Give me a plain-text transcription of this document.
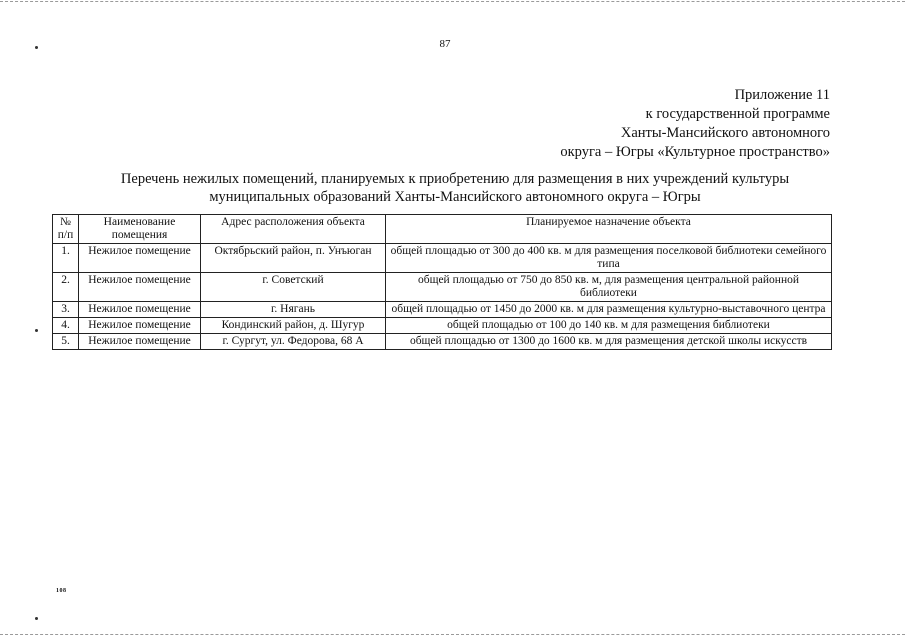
87
Приложение 11
к государственной программе
Ханты-Мансийского автономного
округа – Югры «Культурное пространство»
Перечень нежилых помещений, планируемых к приобретению для размещения в них учреждений культуры
муниципальных образований Ханты-Мансийского автономного округа – Югры
№ п/п	Наименование помещения	Адрес расположения объекта	Планируемое назначение объекта
1.	Нежилое помещение	Октябрьский район, п. Унъюган	общей площадью от 300 до 400 кв. м для размещения поселковой библиотеки семейного типа
2.	Нежилое помещение	г. Советский	общей площадью от 750 до 850 кв. м, для размещения центральной районной библиотеки
3.	Нежилое помещение	г. Нягань	общей площадью от 1450 до 2000 кв. м для размещения культурно-выставочного центра
4.	Нежилое помещение	Кондинский район, д. Шугур	общей площадью от 100 до 140 кв. м для размещения библиотеки
5.	Нежилое помещение	г. Сургут, ул. Федорова, 68 А	общей площадью от 1300 до 1600 кв. м для размещения детской школы искусств
108
